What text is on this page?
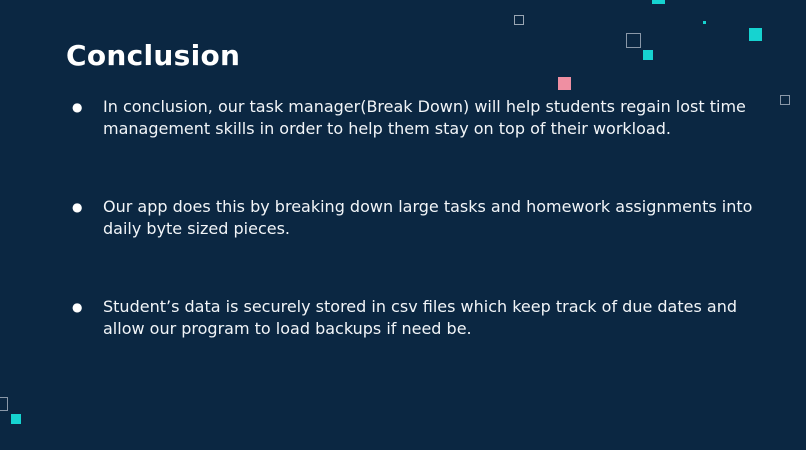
Conclusion
● In conclusion, our task manager(Break Down) will help students regain lost time management skills in order to help them stay on top of their workload.
● Our app does this by breaking down large tasks and homework assignments into daily byte sized pieces.
● Student’s data is securely stored in csv files which keep track of due dates and allow our program to load backups if need be.
